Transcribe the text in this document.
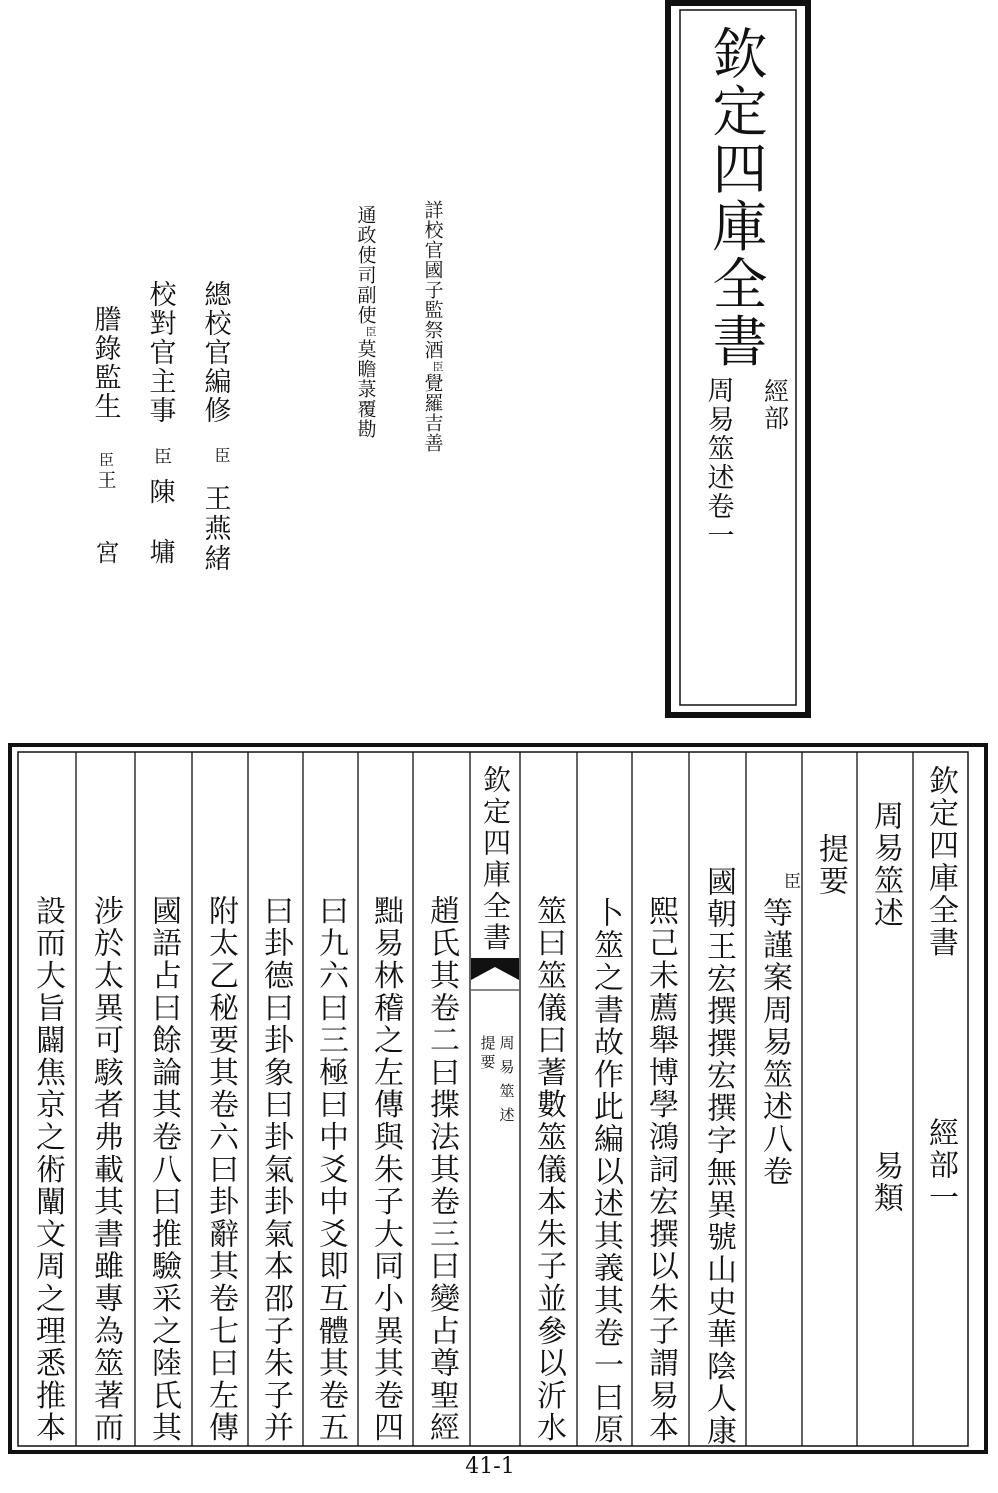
欽定四庫全書
經部
周易筮述卷一
詳校官國子監祭酒
臣
覺羅吉善
通政使司副使
臣
莫瞻菉覆勘
總校官編修
臣
王燕緒
校對官主事
臣
陳
墉
謄錄監生
臣
王
宮
欽定四庫全書
經部一
周易筮述
易類
提要
臣
等謹案周易筮述八卷
國朝王宏撰撰宏撰字無異號山史華陰人康
熙己未薦舉博學鴻詞宏撰以朱子謂易本
卜筮之書故作此編以述其義其卷一曰原
筮曰筮儀曰蓍數筮儀本朱子並參以沂水
欽定四庫全書
周易筮述
提要
趙氏其卷二曰揲法其卷三曰變占尊聖經
黜易林稽之左傳與朱子大同小異其卷四
曰九六曰三極曰中爻中爻即互體其卷五
曰卦德曰卦象曰卦氣卦氣本邵子朱子并
附太乙秘要其卷六曰卦辭其卷七曰左傳
國語占曰餘論其卷八曰推驗采之陸氏其
涉於太異可駭者弗載其書雖專為筮著而
設而大旨闢焦京之術闡文周之理悉推本
41-1
